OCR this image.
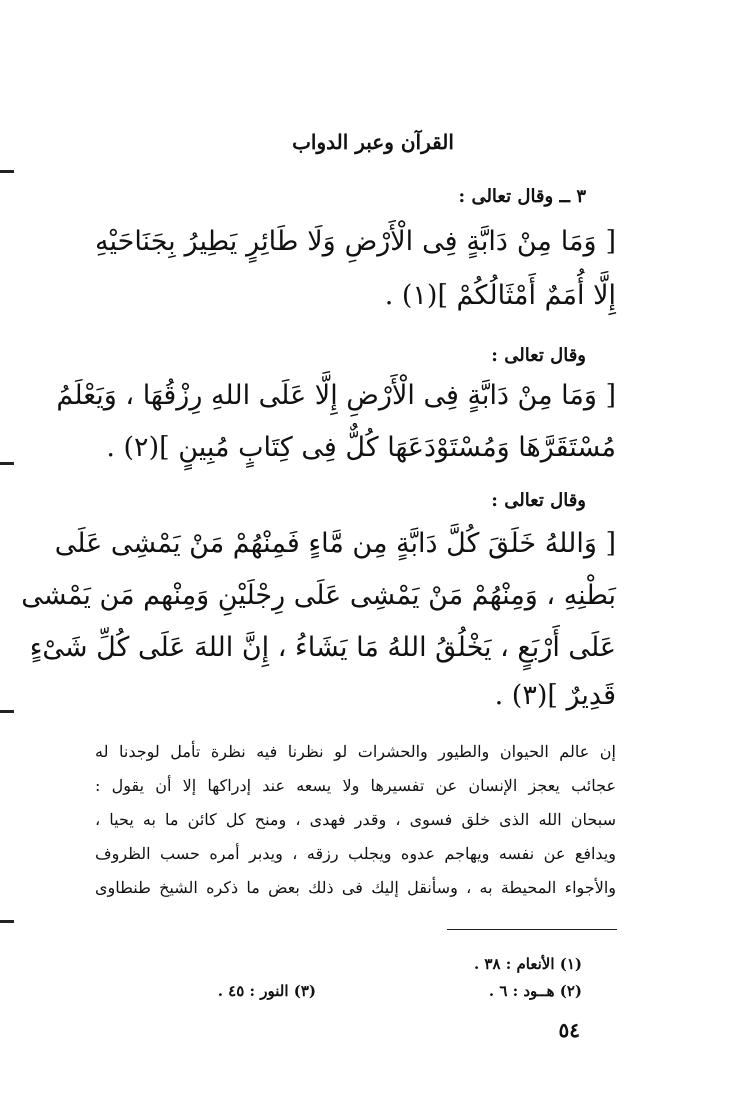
القرآن وعبر الدواب
٣ ــ وقال تعالى :
[ وَمَا مِنْ دَابَّةٍ فِى الْأَرْضِ وَلَا طَائِرٍ يَطِيرُ بِجَنَاحَيْهِ
إِلَّا أُمَمٌ أَمْثَالُكُمْ ](١) .
وقال تعالى :
[ وَمَا مِنْ دَابَّةٍ فِى الْأَرْضِ إِلَّا عَلَى اللهِ رِزْقُهَا ، وَيَعْلَمُ
مُسْتَقَرَّهَا وَمُسْتَوْدَعَهَا كُلٌّ فِى كِتَابٍ مُبِينٍ ](٢) .
وقال تعالى :
[ وَاللهُ خَلَقَ كُلَّ دَابَّةٍ مِن مَّاءٍ فَمِنْهُمْ مَنْ يَمْشِى عَلَى
بَطْنِهِ ، وَمِنْهُمْ مَنْ يَمْشِى عَلَى رِجْلَيْنِ وَمِنْهم مَن يَمْشى
عَلَى أَرْبَعٍ ، يَخْلُقُ اللهُ مَا يَشَاءُ ، إِنَّ اللهَ عَلَى كُلِّ شَىْءٍ
قَدِيرٌ ](٣) .
إن عالم الحيوان والطيور والحشرات لو نظرنا فيه نظرة تأمل لوجدنا له
عجائب يعجز الإنسان عن تفسيرها ولا يسعه عند إدراكها إلا أن يقول :
سبحان الله الذى خلق فسوى ، وقدر فهدى ، ومنح كل كائن ما به يحيا ،
ويدافع عن نفسه ويهاجم عدوه ويجلب رزقه ، ويدبر أمره حسب الظروف
والأجواء المحيطة به ، وسأنقل إليك فى ذلك بعض ما ذكره الشيخ طنطاوى
(١) الأنعام : ٣٨ .
(٢) هــود : ٦ .
(٣) النور : ٤٥ .
٥٤
